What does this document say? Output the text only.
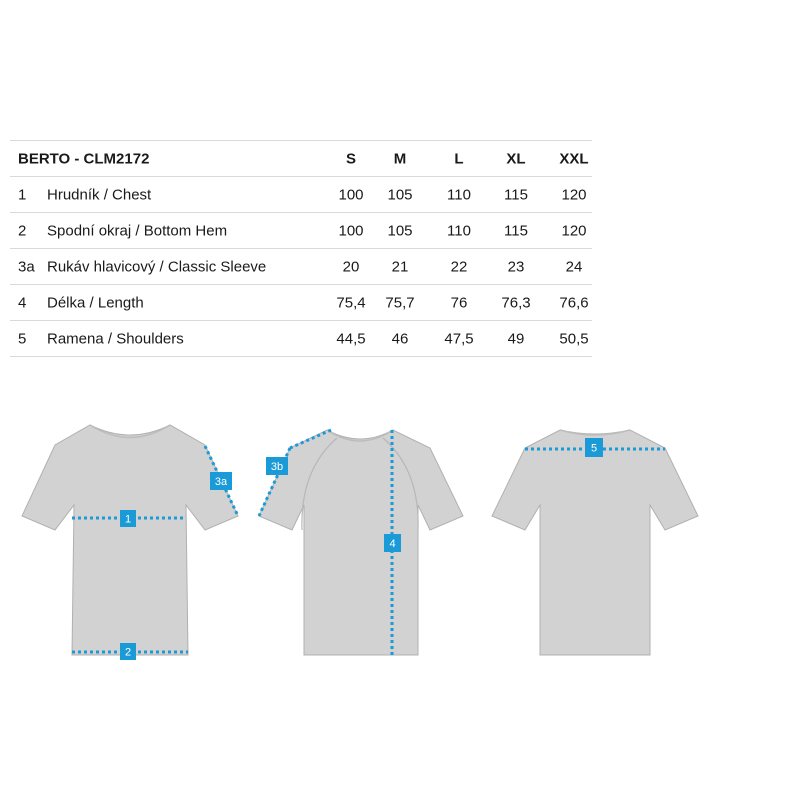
BERTO - CLM2172	S	M	L	XL	XXL
1 Hrudník / Chest	100	105	110	115	120
2 Spodní okraj / Bottom Hem	100	105	110	115	120
3a Rukáv hlavicový / Classic Sleeve	20	21	22	23	24
4 Délka / Length	75,4	75,7	76	76,3	76,6
5 Ramena / Shoulders	44,5	46	47,5	49	50,5
1
2
3a
3b
4
5
